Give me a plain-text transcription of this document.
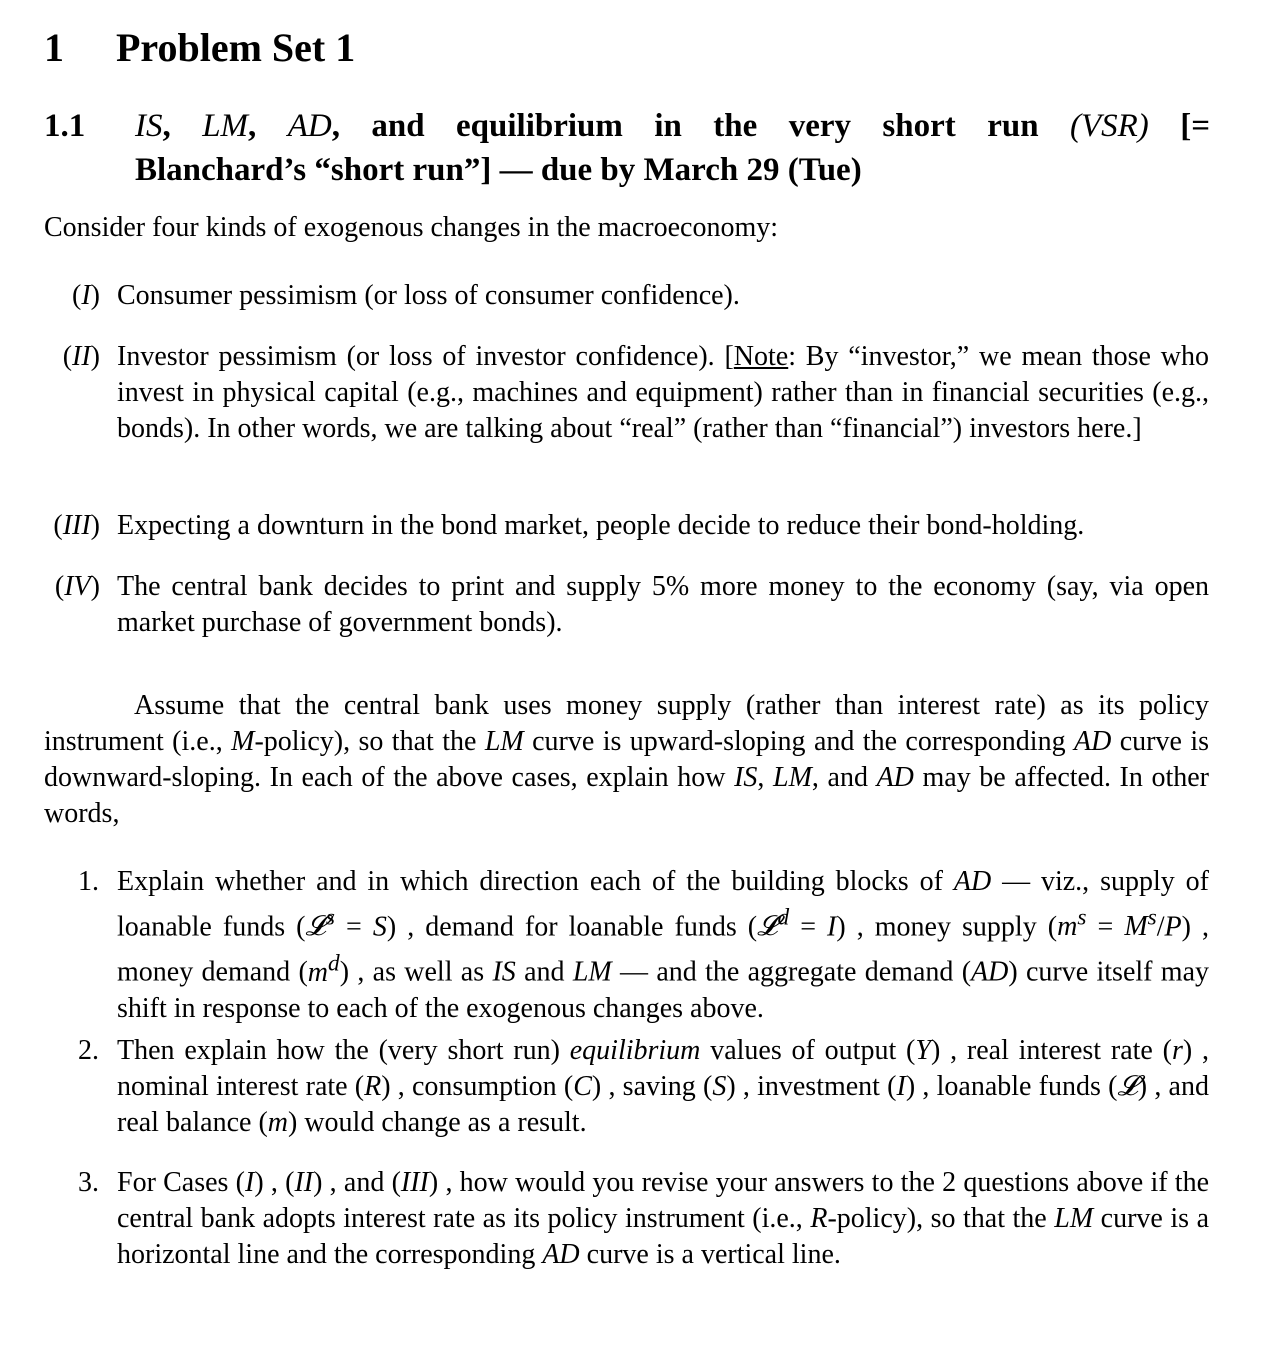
1 Problem Set 1
1.1 IS, LM, AD, and equilibrium in the very short run (VSR) [=
Blanchard’s “short run”] — due by March 29 (Tue)
Consider four kinds of exogenous changes in the macroeconomy:
(I) Consumer pessimism (or loss of consumer confidence).
(II) Investor pessimism (or loss of investor confidence). [Note: By “investor,” we mean those who invest in physical capital (e.g., machines and equipment) rather than in financial securities (e.g., bonds). In other words, we are talking about “real” (rather than “financial”) investors here.]
(III) Expecting a downturn in the bond market, people decide to reduce their bond-holding.
(IV) The central bank decides to print and supply 5% more money to the economy (say, via open market purchase of government bonds).
Assume that the central bank uses money supply (rather than interest rate) as its policy instrument (i.e., M-policy), so that the LM curve is upward-sloping and the corresponding AD curve is downward-sloping. In each of the above cases, explain how IS, LM, and AD may be affected. In other words,
1. Explain whether and in which direction each of the building blocks of AD — viz., supply of loanable funds (𝓛$^s$ = S) , demand for loanable funds (𝓛$^d$ = I) , money supply $(m^s = M^s/P)$ , money demand $(m^d)$ , as well as IS and LM — and the aggregate demand (AD) curve itself may shift in response to each of the exogenous changes above.
2. Then explain how the (very short run) equilibrium values of output (Y) , real interest rate (r) , nominal interest rate (R) , consumption (C) , saving (S) , investment (I) , loanable funds (𝓛) , and real balance (m) would change as a result.
3. For Cases (I) , (II) , and (III) , how would you revise your answers to the 2 questions above if the central bank adopts interest rate as its policy instrument (i.e., R-policy), so that the LM curve is a horizontal line and the corresponding AD curve is a vertical line.
